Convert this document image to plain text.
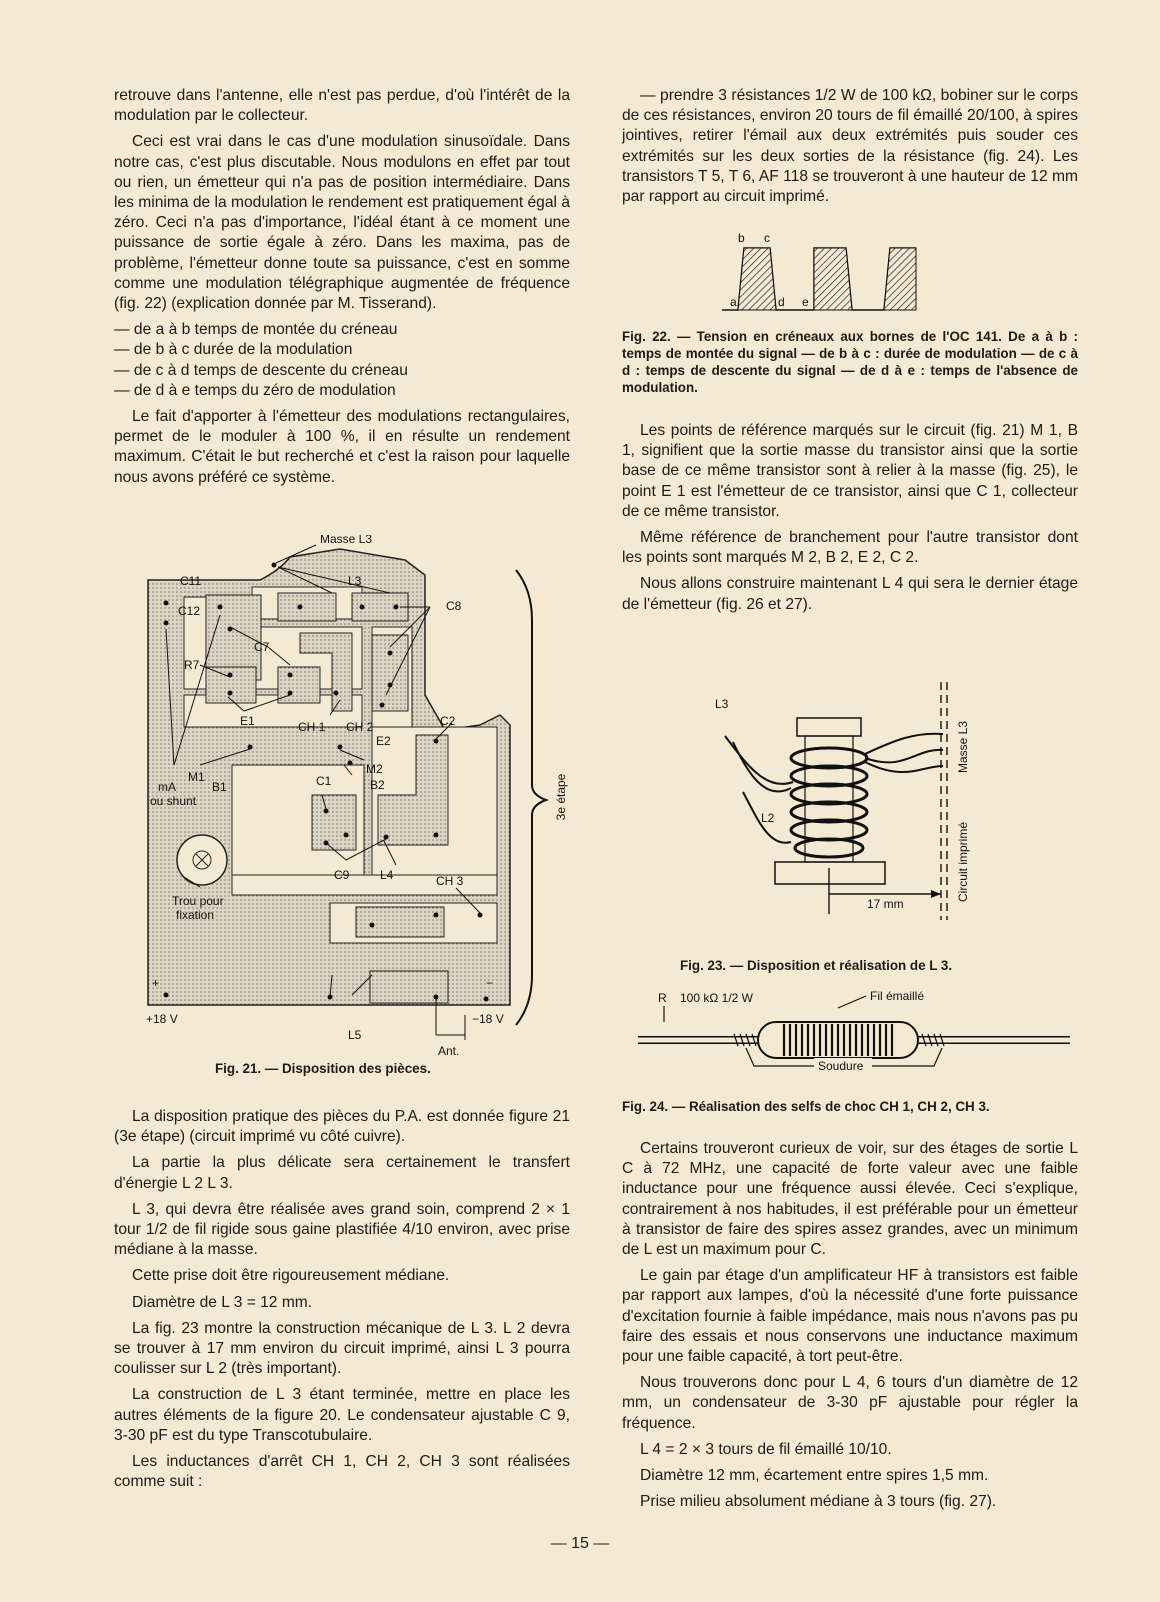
retrouve dans l'antenne, elle n'est pas perdue, d'où l'intérêt de la modulation par le collecteur.

Ceci est vrai dans le cas d'une modulation sinusoïdale. Dans notre cas, c'est plus discutable. Nous modulons en effet par tout ou rien, un émetteur qui n'a pas de position intermédiaire. Dans les minima de la modulation le rendement est pratiquement égal à zéro. Ceci n'a pas d'importance, l'idéal étant à ce moment une puissance de sortie égale à zéro. Dans les maxima, pas de problème, l'émetteur donne toute sa puissance, c'est en somme comme une modulation télégraphique augmentée de fréquence (fig. 22) (explication donnée par M. Tisserand).

— de a à b temps de montée du créneau

— de b à c durée de la modulation

— de c à d temps de descente du créneau

— de d à e temps du zéro de modulation

Le fait d'apporter à l'émetteur des modulations rectangulaires, permet de le moduler à 100 %, il en résulte un rendement maximum. C'était le but recherché et c'est la raison pour laquelle nous avons préféré ce système.

La disposition pratique des pièces du P.A. est donnée figure 21 (3e étape) (circuit imprimé vu côté cuivre).

La partie la plus délicate sera certainement le transfert d'énergie L 2 L 3.

L 3, qui devra être réalisée aves grand soin, comprend 2 × 1 tour 1/2 de fil rigide sous gaine plastifiée 4/10 environ, avec prise médiane à la masse.

Cette prise doit être rigoureusement médiane.

Diamètre de L 3 = 12 mm.

La fig. 23 montre la construction mécanique de L 3. L 2 devra se trouver à 17 mm environ du circuit imprimé, ainsi L 3 pourra coulisser sur L 2 (très important).

La construction de L 3 étant terminée, mettre en place les autres éléments de la figure 20. Le condensateur ajustable C 9, 3-30 pF est du type Transcotubulaire.

Les inductances d'arrêt CH 1, CH 2, CH 3 sont réalisées comme suit :

— prendre 3 résistances 1/2 W de 100 kΩ, bobiner sur le corps de ces résistances, environ 20 tours de fil émaillé 20/100, à spires jointives, retirer l'émail aux deux extrémités puis souder ces extrémités sur les deux sorties de la résistance (fig. 24). Les transistors T 5, T 6, AF 118 se trouveront à une hauteur de 12 mm par rapport au circuit imprimé.

Les points de référence marqués sur le circuit (fig. 21) M 1, B 1, signifient que la sortie masse du transistor ainsi que la sortie base de ce même transistor sont à relier à la masse (fig. 25), le point E 1 est l'émetteur de ce transistor, ainsi que C 1, collecteur de ce même transistor.

Même référence de branchement pour l'autre transistor dont les points sont marqués M 2, B 2, E 2, C 2.

Nous allons construire maintenant L 4 qui sera le dernier étage de l'émetteur (fig. 26 et 27).

Certains trouveront curieux de voir, sur des étages de sortie L C à 72 MHz, une capacité de forte valeur avec une faible inductance pour une fréquence aussi élevée. Ceci s'explique, contrairement à nos habitudes, il est préférable pour un émetteur à transistor de faire des spires assez grandes, avec un minimum de L est un maximum pour C.

Le gain par étage d'un amplificateur HF à transistors est faible par rapport aux lampes, d'où la nécessité d'une forte puissance d'excitation fournie à faible impédance, mais nous n'avons pas pu faire des essais et nous conservons une inductance maximum pour une faible capacité, à tort peut-être.

Nous trouverons donc pour L 4, 6 tours d'un diamètre de 12 mm, un condensateur de 3-30 pF ajustable pour régler la fréquence.

L 4 = 2 × 3 tours de fil émaillé 10/10.

Diamètre 12 mm, écartement entre spires 1,5 mm.

Prise milieu absolument médiane à 3 tours (fig. 27).

Masse L3
C11
C12
L3
C8
C7
R7
E1	CH 1 CH 2
E2
C2
mA
M1
B1
ou shunt
M2
C1	B2
C9	L4	CH 3
Trou pour
fixation
+	−
+18 V	−18 V
L5
Ant.
3e étape
Fig. 21. — Disposition des pièces.
a
b c
d e
Fig. 22. — Tension en créneaux aux bornes de l'OC 141. De a à b : temps de montée du signal — de b à c : durée de modulation — de c à d : temps de descente du signal — de d à e : temps de l'absence de modulation.
L3
L2
17 mm
Masse L3
Circuit imprimé
Fig. 23. — Disposition et réalisation de L 3.
R 100 kΩ 1/2 W	Fil émaillé
Soudure
Fig. 24. — Réalisation des selfs de choc CH 1, CH 2, CH 3.
— 15 —
